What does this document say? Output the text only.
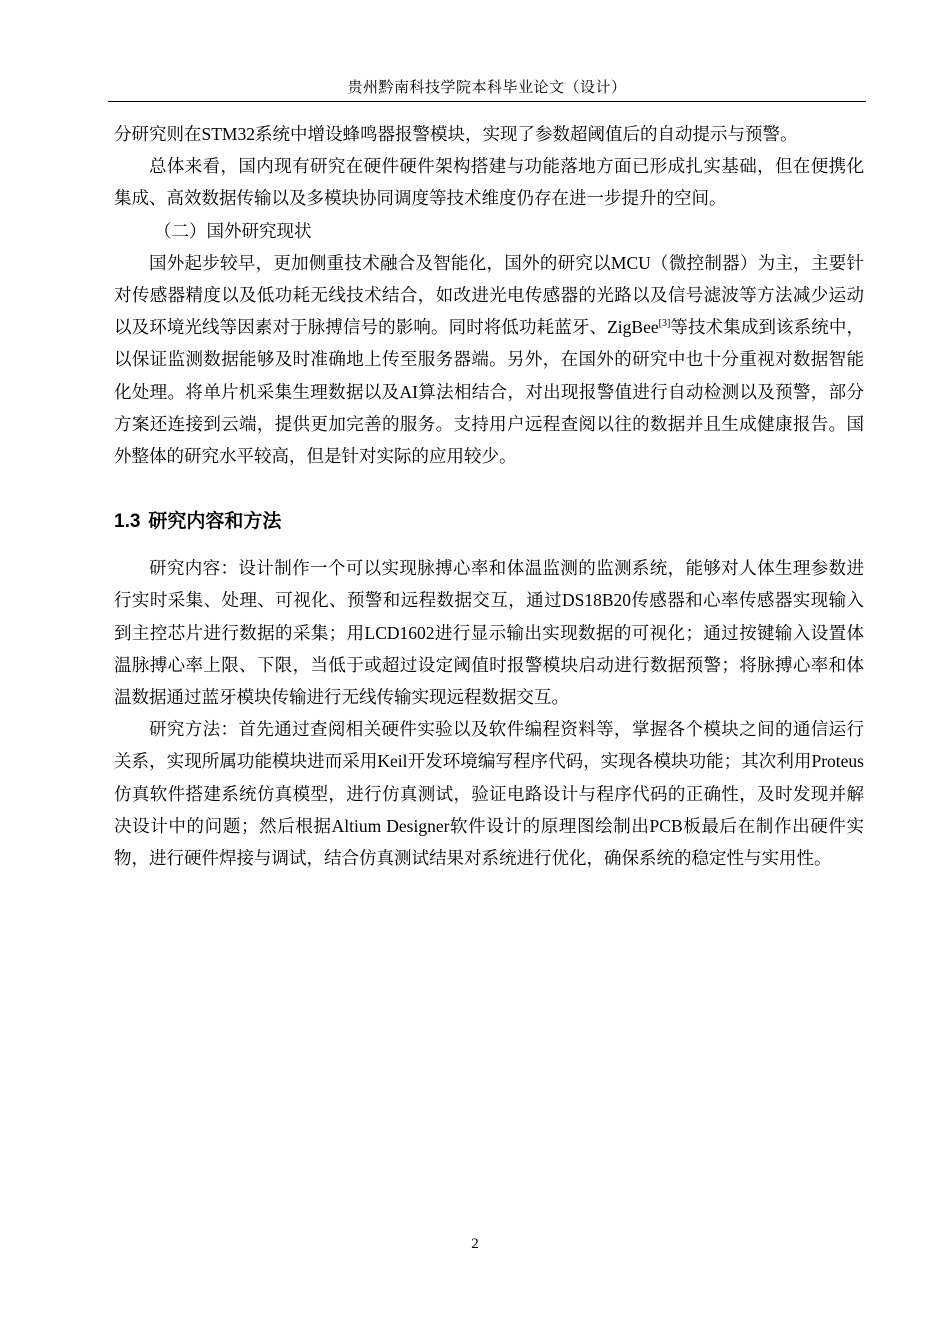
贵州黔南科技学院本科毕业论文（设计）

分研究则在STM32系统中增设蜂鸣器报警模块，实现了参数超阈值后的自动提示与预警。

总体来看，国内现有研究在硬件硬件架构搭建与功能落地方面已形成扎实基础，但在便携化集成、高效数据传输以及多模块协同调度等技术维度仍存在进一步提升的空间。

（二）国外研究现状

国外起步较早，更加侧重技术融合及智能化，国外的研究以MCU（微控制器）为主，主要针对传感器精度以及低功耗无线技术结合，如改进光电传感器的光路以及信号滤波等方法减少运动以及环境光线等因素对于脉搏信号的影响。同时将低功耗蓝牙、ZigBee[3]等技术集成到该系统中，以保证监测数据能够及时准确地上传至服务器端。另外，在国外的研究中也十分重视对数据智能化处理。将单片机采集生理数据以及AI算法相结合，对出现报警值进行自动检测以及预警，部分方案还连接到云端，提供更加完善的服务。支持用户远程查阅以往的数据并且生成健康报告。国外整体的研究水平较高，但是针对实际的应用较少。

1.3 研究内容和方法

研究内容：设计制作一个可以实现脉搏心率和体温监测的监测系统，能够对人体生理参数进行实时采集、处理、可视化、预警和远程数据交互，通过DS18B20传感器和心率传感器实现输入到主控芯片进行数据的采集；用LCD1602进行显示输出实现数据的可视化；通过按键输入设置体温脉搏心率上限、下限，当低于或超过设定阈值时报警模块启动进行数据预警；将脉搏心率和体温数据通过蓝牙模块传输进行无线传输实现远程数据交互。

研究方法：首先通过查阅相关硬件实验以及软件编程资料等，掌握各个模块之间的通信运行关系，实现所属功能模块进而采用Keil开发环境编写程序代码，实现各模块功能；其次利用Proteus仿真软件搭建系统仿真模型，进行仿真测试，验证电路设计与程序代码的正确性，及时发现并解决设计中的问题；然后根据Altium Designer软件设计的原理图绘制出PCB板最后在制作出硬件实物，进行硬件焊接与调试，结合仿真测试结果对系统进行优化，确保系统的稳定性与实用性。

2
